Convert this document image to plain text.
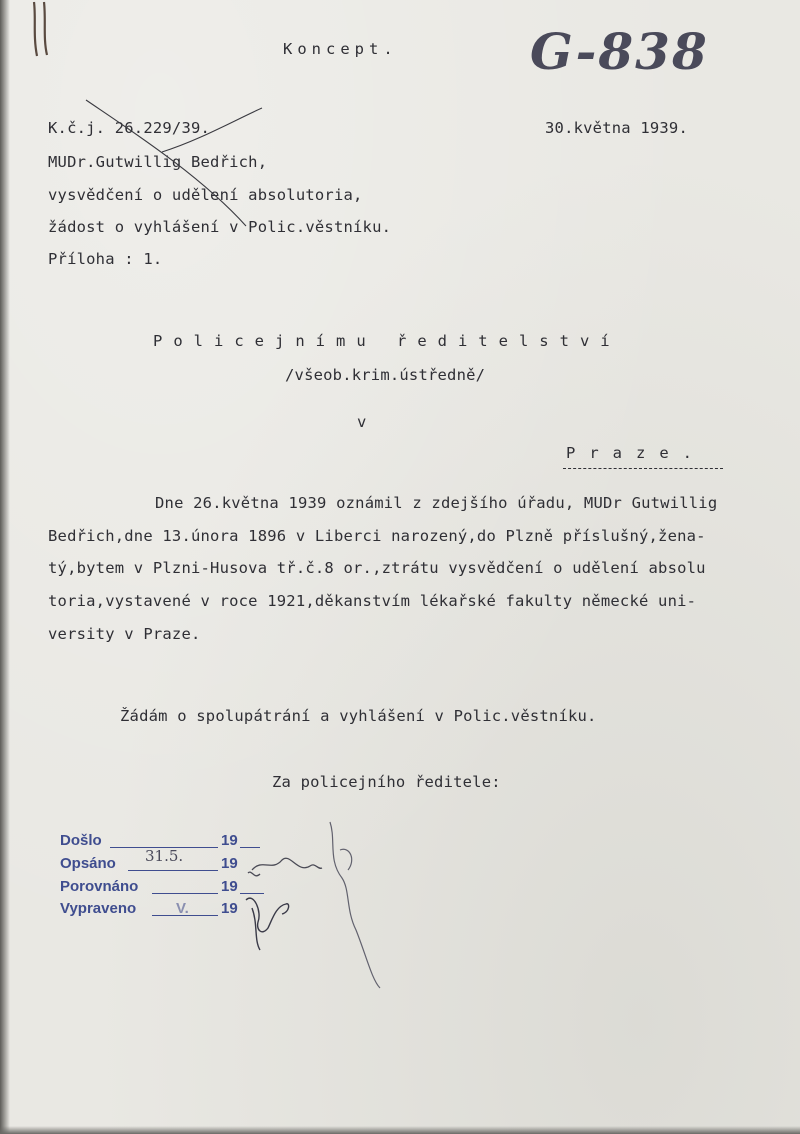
Koncept.	G-838
30.května 1939.
K.č.j. 26.229/39.
MUDr.Gutwillig Bedřich,
vysvědčení o udělení absolutoria,
žádost o vyhlášení v Polic.věstníku.
Příloha : 1.
Policejnímu ředitelství
/všeob.krim.ústředně/
v
Praze.
Dne 26.května 1939 oznámil z zdejšího úřadu, MUDr Gutwillig
Bedřich,dne 13.února 1896 v Liberci narozený,do Plzně příslušný,žena-
tý,bytem v Plzni-Husova tř.č.8 or.,ztrátu vysvědčení o udělení absolu
toria,vystavené v roce 1921,děkanstvím lékařské fakulty německé uni-
versity v Praze.
Žádám o spolupátrání a vyhlášení v Polic.věstníku.
Za policejního ředitele:
Došlo	19
Opsáno 31.5.	19
Porovnáno	19
Vypraveno	V. 19
